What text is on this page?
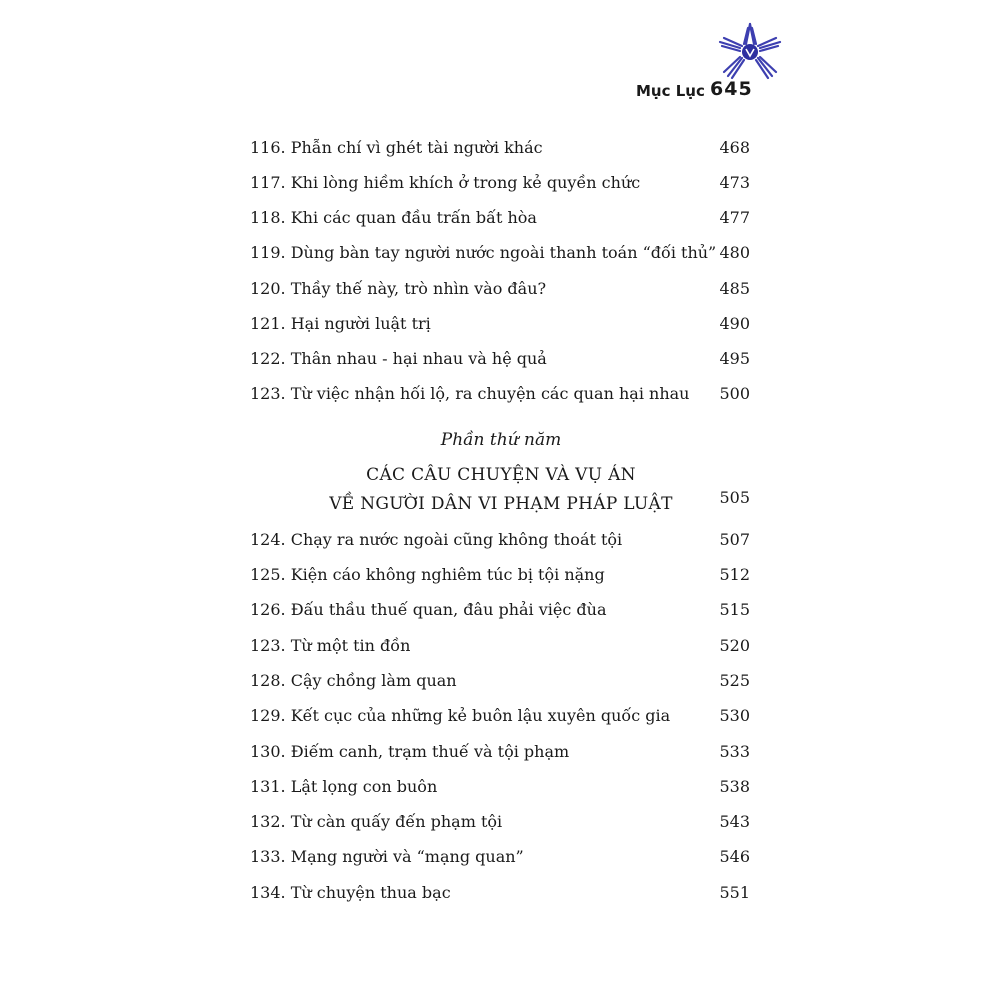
Mục Lục 645
116. Phẫn chí vì ghét tài người khác	468
117. Khi lòng hiềm khích ở trong kẻ quyền chức	473
118. Khi các quan đầu trấn bất hòa	477
119. Dùng bàn tay người nước ngoài thanh toán “đối thủ” 480
120. Thầy thế này, trò nhìn vào đâu?	485
121. Hại người luật trị	490
122. Thân nhau - hại nhau và hệ quả	495
123. Từ việc nhận hối lộ, ra chuyện các quan hại nhau 500
Phần thứ năm
CÁC CÂU CHUYỆN VÀ VỤ ÁN
VỀ NGƯỜI DÂN VI PHẠM PHÁP LUẬT	505
124. Chạy ra nước ngoài cũng không thoát tội	507
125. Kiện cáo không nghiêm túc bị tội nặng	512
126. Đấu thầu thuế quan, đâu phải việc đùa	515
123. Từ một tin đồn	520
128. Cậy chồng làm quan	525
129. Kết cục của những kẻ buôn lậu xuyên quốc gia	530
130. Điếm canh, trạm thuế và tội phạm	533
131. Lật lọng con buôn	538
132. Từ càn quấy đến phạm tội	543
133. Mạng người và “mạng quan”	546
134. Từ chuyện thua bạc	551
